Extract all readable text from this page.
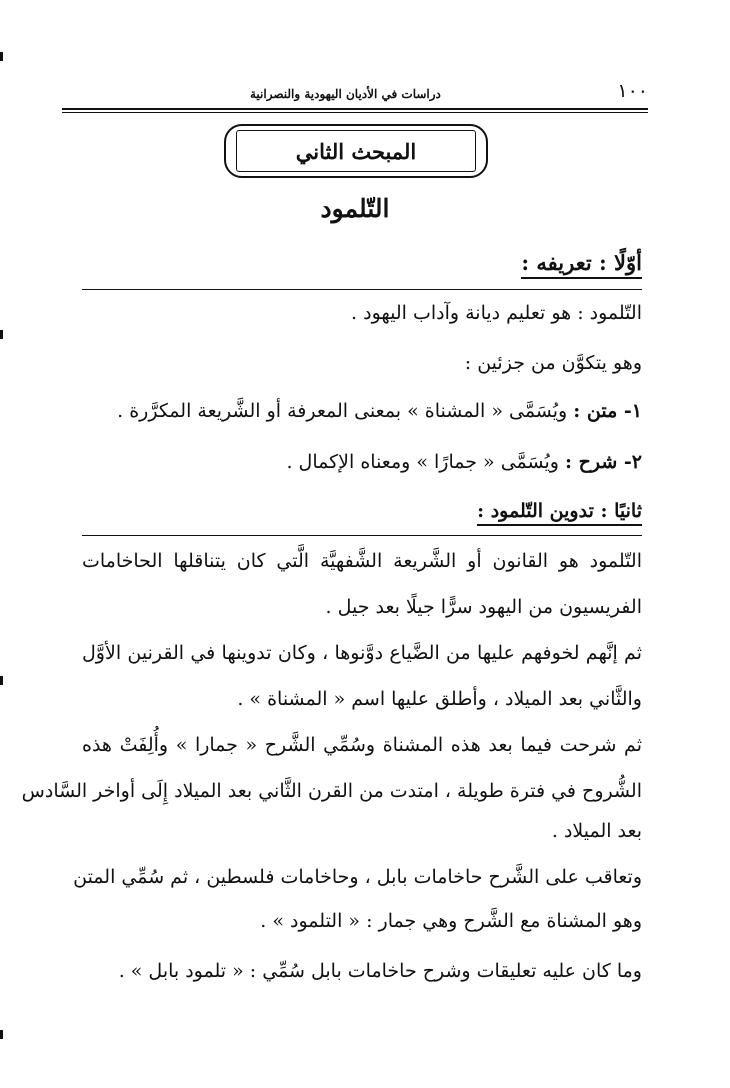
١٠٠
دراسات في الأديان اليهودية والنصرانية
المبحث الثاني
التّلمود
أوّلًا : تعريفه :
التّلمود : هو تعليم ديانة وآداب اليهود .
وهو يتكوَّن من جزئين :
١- متن : ويُسَمَّى « المشناة » بمعنى المعرفة أو الشَّريعة المكرَّرة .
٢- شرح : ويُسَمَّى « جمارًا » ومعناه الإكمال .
ثانيًا : تدوين التّلمود :
التّلمود هو القانون أو الشَّريعة الشَّفهيَّة الَّتي كان يتناقلها الحاخامات
الفريسيون من اليهود سرًّا جيلًا بعد جيل .
ثم إنَّهم لخوفهم عليها من الضَّياع دوَّنوها ، وكان تدوينها في القرنين الأوَّل
والثَّاني بعد الميلاد ، وأطلق عليها اسم « المشناة » .
ثم شرحت فيما بعد هذه المشناة وسُمِّي الشَّرح « جمارا » وأُلِفَتْ هذه
الشُّروح في فترة طويلة ، امتدت من القرن الثَّاني بعد الميلاد إِلَى أواخر السَّادس
بعد الميلاد .
وتعاقب على الشَّرح حاخامات بابل ، وحاخامات فلسطين ، ثم سُمِّي المتن
وهو المشناة مع الشَّرح وهي جمار : « التلمود » .
وما كان عليه تعليقات وشرح حاخامات بابل سُمِّي : « تلمود بابل » .
